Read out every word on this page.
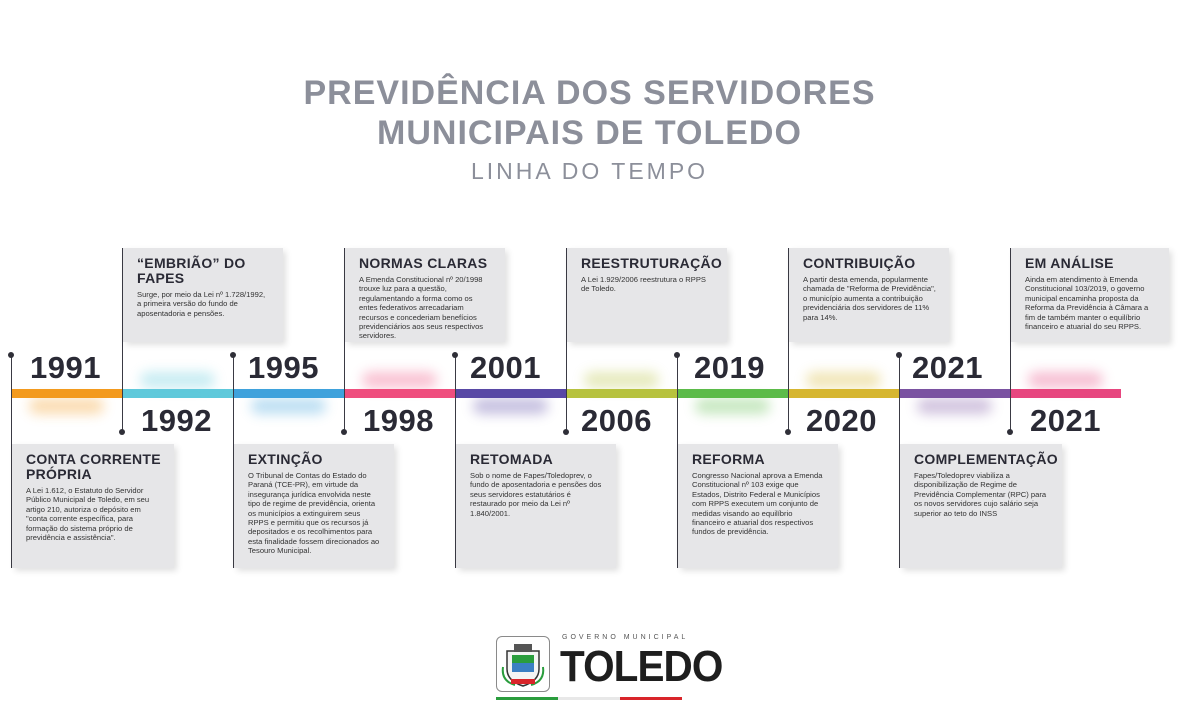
PREVIDÊNCIA DOS SERVIDORES
MUNICIPAIS DE TOLEDO
LINHA DO TEMPO
1991
CONTA CORRENTE PRÓPRIA
A Lei 1.612, o Estatuto do Servidor Público Municipal de Toledo, em seu artigo 210, autoriza o depósito em "conta corrente específica, para formação do sistema próprio de previdência e assistência".
1992
“EMBRIÃO” DO FAPES
Surge, por meio da Lei nº 1.728/1992, a primeira versão do fundo de aposentadoria e pensões.
1995
EXTINÇÃO
O Tribunal de Contas do Estado do Paraná (TCE-PR), em virtude da insegurança jurídica envolvida neste tipo de regime de previdência, orienta os municípios a extinguirem seus RPPS e permitiu que os recursos já depositados e os recolhimentos para esta finalidade fossem direcionados ao Tesouro Municipal.
1998
NORMAS CLARAS
A Emenda Constitucional nº 20/1998 trouxe luz para a questão, regulamentando a forma como os entes federativos arrecadariam recursos e concederiam benefícios previdenciários aos seus respectivos servidores.
2001
RETOMADA
Sob o nome de Fapes/Toledoprev, o fundo de aposentadoria e pensões dos seus servidores estatutários é restaurado por meio da Lei nº 1.840/2001.
2006
REESTRUTURAÇÃO
A Lei 1.929/2006 reestrutura o RPPS de Toledo.
2019
REFORMA
Congresso Nacional aprova a Emenda Constitucional nº 103 exige que Estados, Distrito Federal e Municípios com RPPS executem um conjunto de medidas visando ao equilíbrio financeiro e atuarial dos respectivos fundos de previdência.
2020
CONTRIBUIÇÃO
A partir desta emenda, popularmente chamada de "Reforma de Previdência", o município aumenta a contribuição previdenciária dos servidores de 11% para 14%.
2021
COMPLEMENTAÇÃO
Fapes/Toledoprev viabiliza a disponibilização de Regime de Previdência Complementar (RPC) para os novos servidores cujo salário seja superior ao teto do INSS
2021
EM ANÁLISE
Ainda em atendimento à Emenda Constitucional 103/2019, o governo municipal encaminha proposta da Reforma da Previdência à Câmara a fim de também manter o equilíbrio financeiro e atuarial do seu RPPS.
GOVERNO MUNICIPAL
TOLEDO
